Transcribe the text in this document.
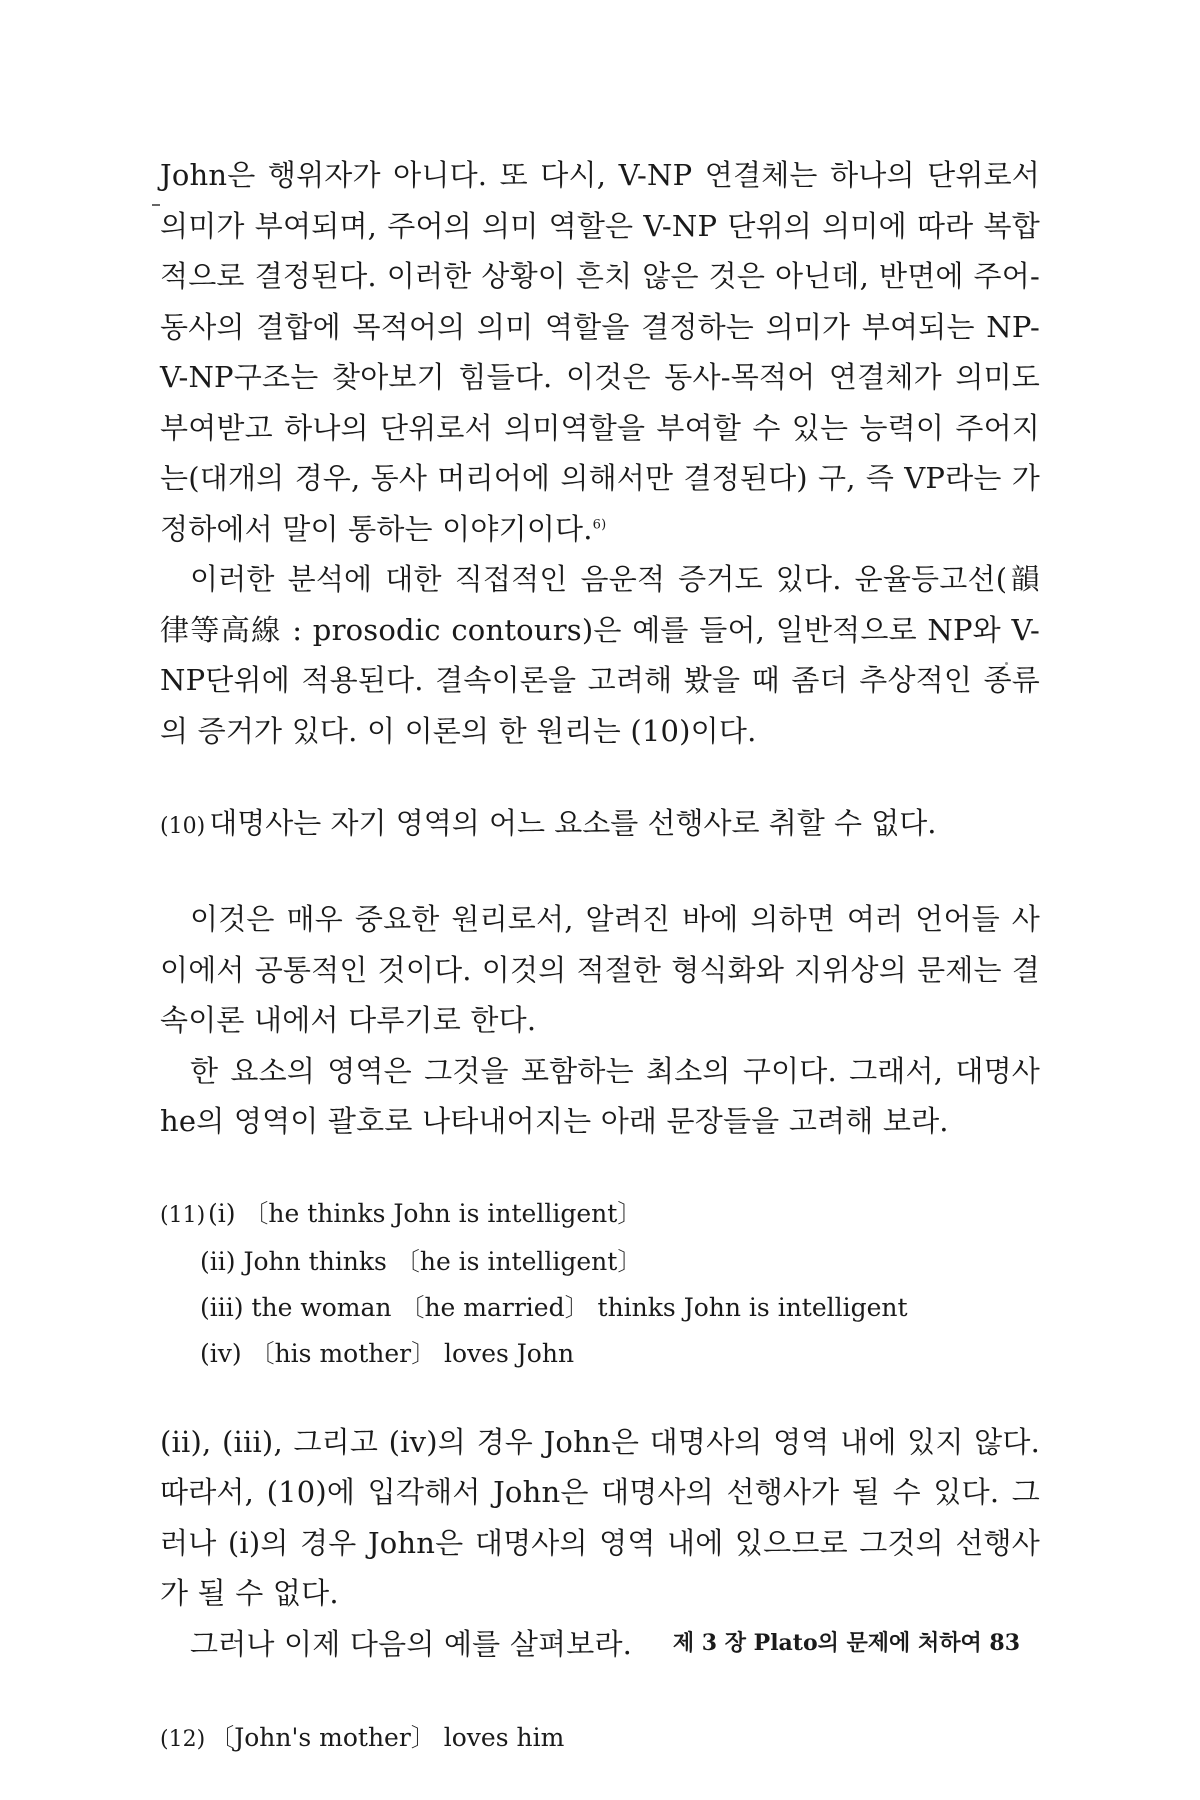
John은 행위자가 아니다. 또 다시, V-NP 연결체는 하나의 단위로서 의미가 부여되며, 주어의 의미 역할은 V-NP 단위의 의미에 따라 복합적으로 결정된다. 이러한 상황이 흔치 않은 것은 아닌데, 반면에 주어-동사의 결합에 목적어의 의미 역할을 결정하는 의미가 부여되는 NP-V-NP구조는 찾아보기 힘들다. 이것은 동사-목적어 연결체가 의미도 부여받고 하나의 단위로서 의미역할을 부여할 수 있는 능력이 주어지는(대개의 경우, 동사 머리어에 의해서만 결정된다) 구, 즉 VP라는 가정하에서 말이 통하는 이야기이다.$^{6)}$

이러한 분석에 대한 직접적인 음운적 증거도 있다. 운율등고선(韻律等高線 : prosodic contours)은 예를 들어, 일반적으로 NP와 V-NP단위에 적용된다. 결속이론을 고려해 봤을 때 좀더 추상적인 종류의 증거가 있다. 이 이론의 한 원리는 (10)이다.

(10) 대명사는 자기 영역의 어느 요소를 선행사로 취할 수 없다.

이것은 매우 중요한 원리로서, 알려진 바에 의하면 여러 언어들 사이에서 공통적인 것이다. 이것의 적절한 형식화와 지위상의 문제는 결속이론 내에서 다루기로 한다.

한 요소의 영역은 그것을 포함하는 최소의 구이다. 그래서, 대명사 he의 영역이 괄호로 나타내어지는 아래 문장들을 고려해 보라.

(11) (i) 〔he thinks John is intelligent〕
(ii) John thinks 〔he is intelligent〕
(iii) the woman 〔he married〕 thinks John is intelligent
(iv) 〔his mother〕 loves John

(ii), (iii), 그리고 (iv)의 경우 John은 대명사의 영역 내에 있지 않다. 따라서, (10)에 입각해서 John은 대명사의 선행사가 될 수 있다. 그러나 (i)의 경우 John은 대명사의 영역 내에 있으므로 그것의 선행사가 될 수 없다.

그러나 이제 다음의 예를 살펴보라.

(12) 〔John's mother〕 loves him

제 3 장 Plato의 문제에 처하여 83
